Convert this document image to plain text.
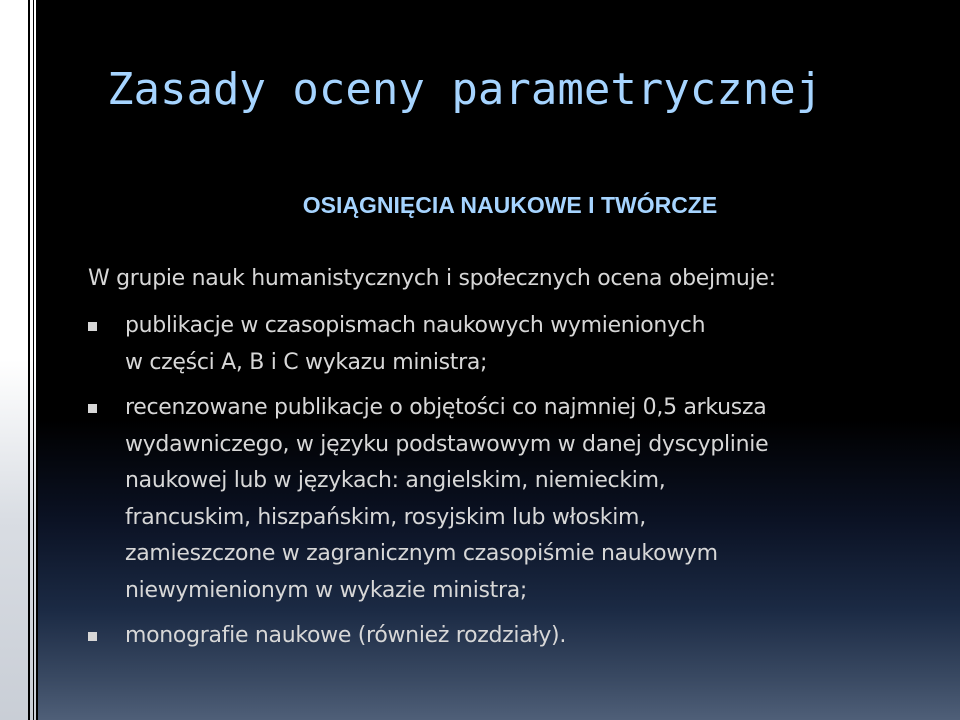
Zasady oceny parametrycznej
OSIĄGNIĘCIA NAUKOWE I TWÓRCZE
W grupie nauk humanistycznych i społecznych ocena obejmuje:
publikacje w czasopismach naukowych wymienionych
w części A, B i C wykazu ministra;
recenzowane publikacje o objętości co najmniej 0,5 arkusza
wydawniczego, w języku podstawowym w danej dyscyplinie
naukowej lub w językach: angielskim, niemieckim,
francuskim, hiszpańskim, rosyjskim lub włoskim,
zamieszczone w zagranicznym czasopiśmie naukowym
niewymienionym w wykazie ministra;
monografie naukowe (również rozdziały).
